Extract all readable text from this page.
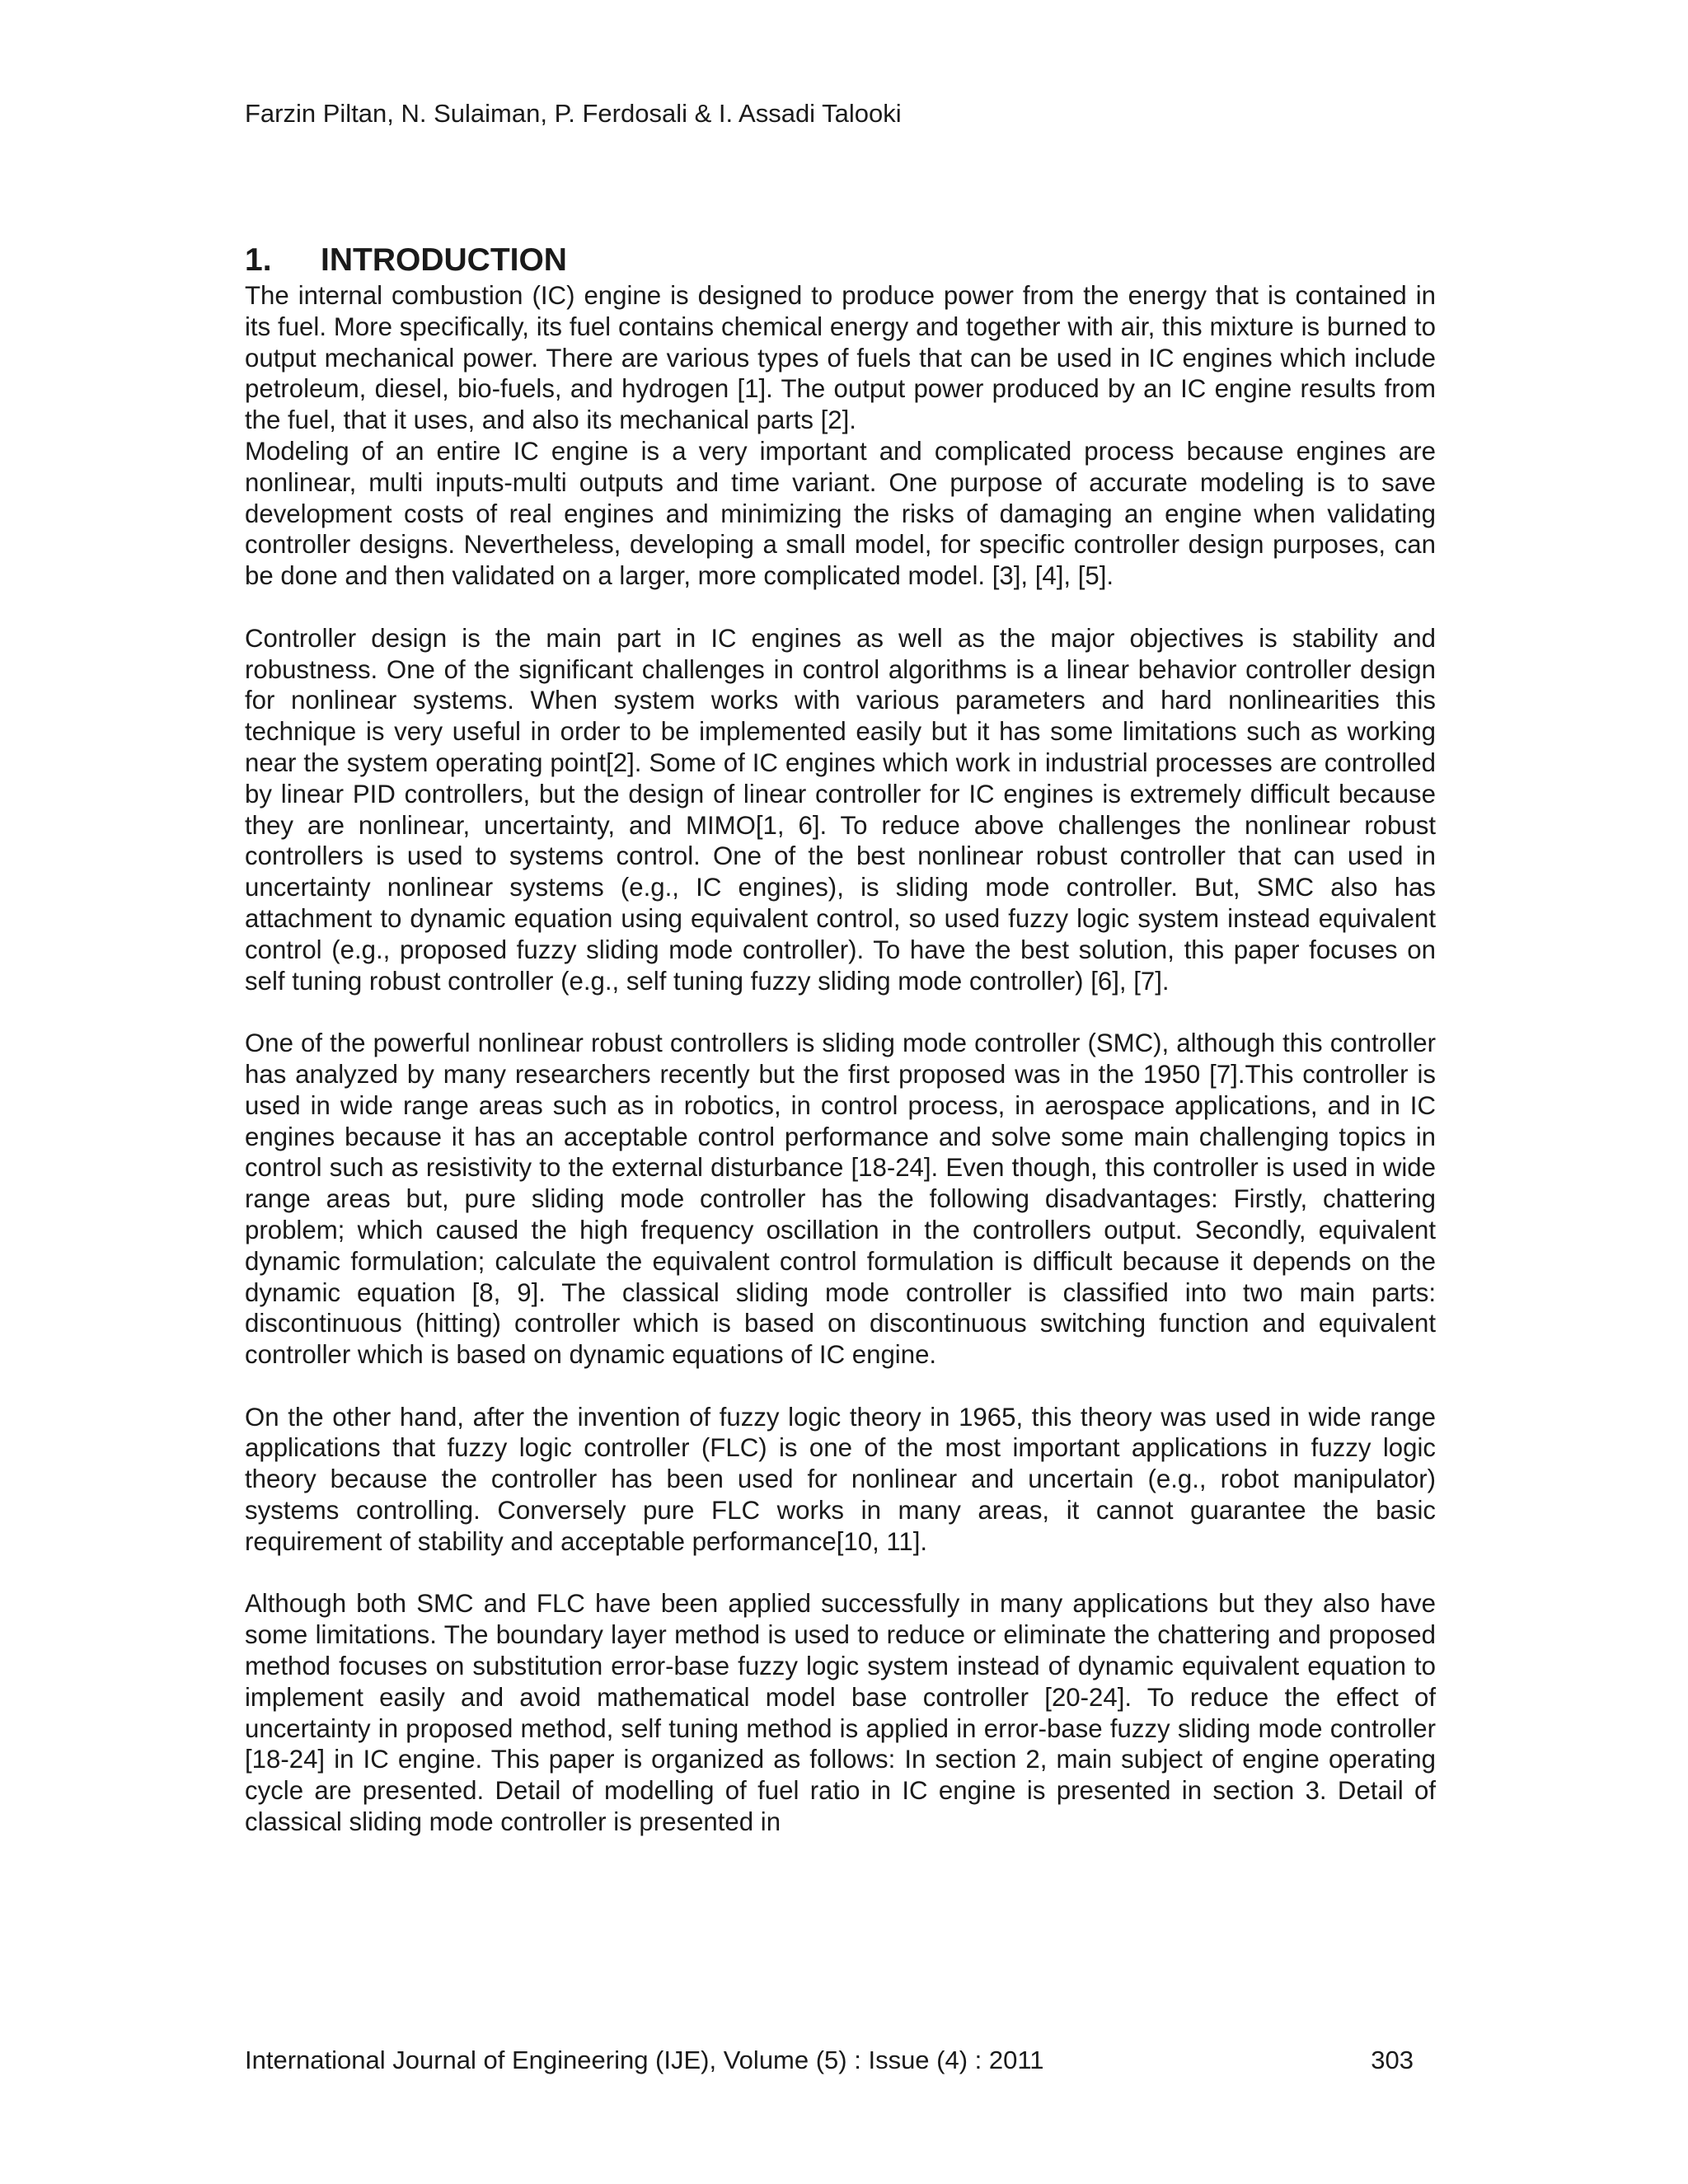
Farzin Piltan, N. Sulaiman, P. Ferdosali & I. Assadi Talooki
1. INTRODUCTION

The internal combustion (IC) engine is designed to produce power from the energy that is contained in its fuel. More specifically, its fuel contains chemical energy and together with air, this mixture is burned to output mechanical power. There are various types of fuels that can be used in IC engines which include petroleum, diesel, bio-fuels, and hydrogen [1]. The output power produced by an IC engine results from the fuel, that it uses, and also its mechanical parts [2].

Modeling of an entire IC engine is a very important and complicated process because engines are nonlinear, multi inputs-multi outputs and time variant. One purpose of accurate modeling is to save development costs of real engines and minimizing the risks of damaging an engine when validating controller designs. Nevertheless, developing a small model, for specific controller design purposes, can be done and then validated on a larger, more complicated model. [3], [4], [5].

Controller design is the main part in IC engines as well as the major objectives is stability and robustness. One of the significant challenges in control algorithms is a linear behavior controller design for nonlinear systems. When system works with various parameters and hard nonlinearities this technique is very useful in order to be implemented easily but it has some limitations such as working near the system operating point[2]. Some of IC engines which work in industrial processes are controlled by linear PID controllers, but the design of linear controller for IC engines is extremely difficult because they are nonlinear, uncertainty, and MIMO[1, 6]. To reduce above challenges the nonlinear robust controllers is used to systems control. One of the best nonlinear robust controller that can used in uncertainty nonlinear systems (e.g., IC engines), is sliding mode controller. But, SMC also has attachment to dynamic equation using equivalent control, so used fuzzy logic system instead equivalent control (e.g., proposed fuzzy sliding mode controller). To have the best solution, this paper focuses on self tuning robust controller (e.g., self tuning fuzzy sliding mode controller) [6], [7].

One of the powerful nonlinear robust controllers is sliding mode controller (SMC), although this controller has analyzed by many researchers recently but the first proposed was in the 1950 [7].This controller is used in wide range areas such as in robotics, in control process, in aerospace applications, and in IC engines because it has an acceptable control performance and solve some main challenging topics in control such as resistivity to the external disturbance [18-24]. Even though, this controller is used in wide range areas but, pure sliding mode controller has the following disadvantages: Firstly, chattering problem; which caused the high frequency oscillation in the controllers output. Secondly, equivalent dynamic formulation; calculate the equivalent control formulation is difficult because it depends on the dynamic equation [8, 9]. The classical sliding mode controller is classified into two main parts: discontinuous (hitting) controller which is based on discontinuous switching function and equivalent controller which is based on dynamic equations of IC engine.

On the other hand, after the invention of fuzzy logic theory in 1965, this theory was used in wide range applications that fuzzy logic controller (FLC) is one of the most important applications in fuzzy logic theory because the controller has been used for nonlinear and uncertain (e.g., robot manipulator) systems controlling. Conversely pure FLC works in many areas, it cannot guarantee the basic requirement of stability and acceptable performance[10, 11].

Although both SMC and FLC have been applied successfully in many applications but they also have some limitations. The boundary layer method is used to reduce or eliminate the chattering and proposed method focuses on substitution error-base fuzzy logic system instead of dynamic equivalent equation to implement easily and avoid mathematical model base controller [20-24]. To reduce the effect of uncertainty in proposed method, self tuning method is applied in error-base fuzzy sliding mode controller [18-24] in IC engine. This paper is organized as follows: In section 2, main subject of engine operating cycle are presented. Detail of modelling of fuel ratio in IC engine is presented in section 3. Detail of classical sliding mode controller is presented in

International Journal of Engineering (IJE), Volume (5) : Issue (4) : 2011	303
